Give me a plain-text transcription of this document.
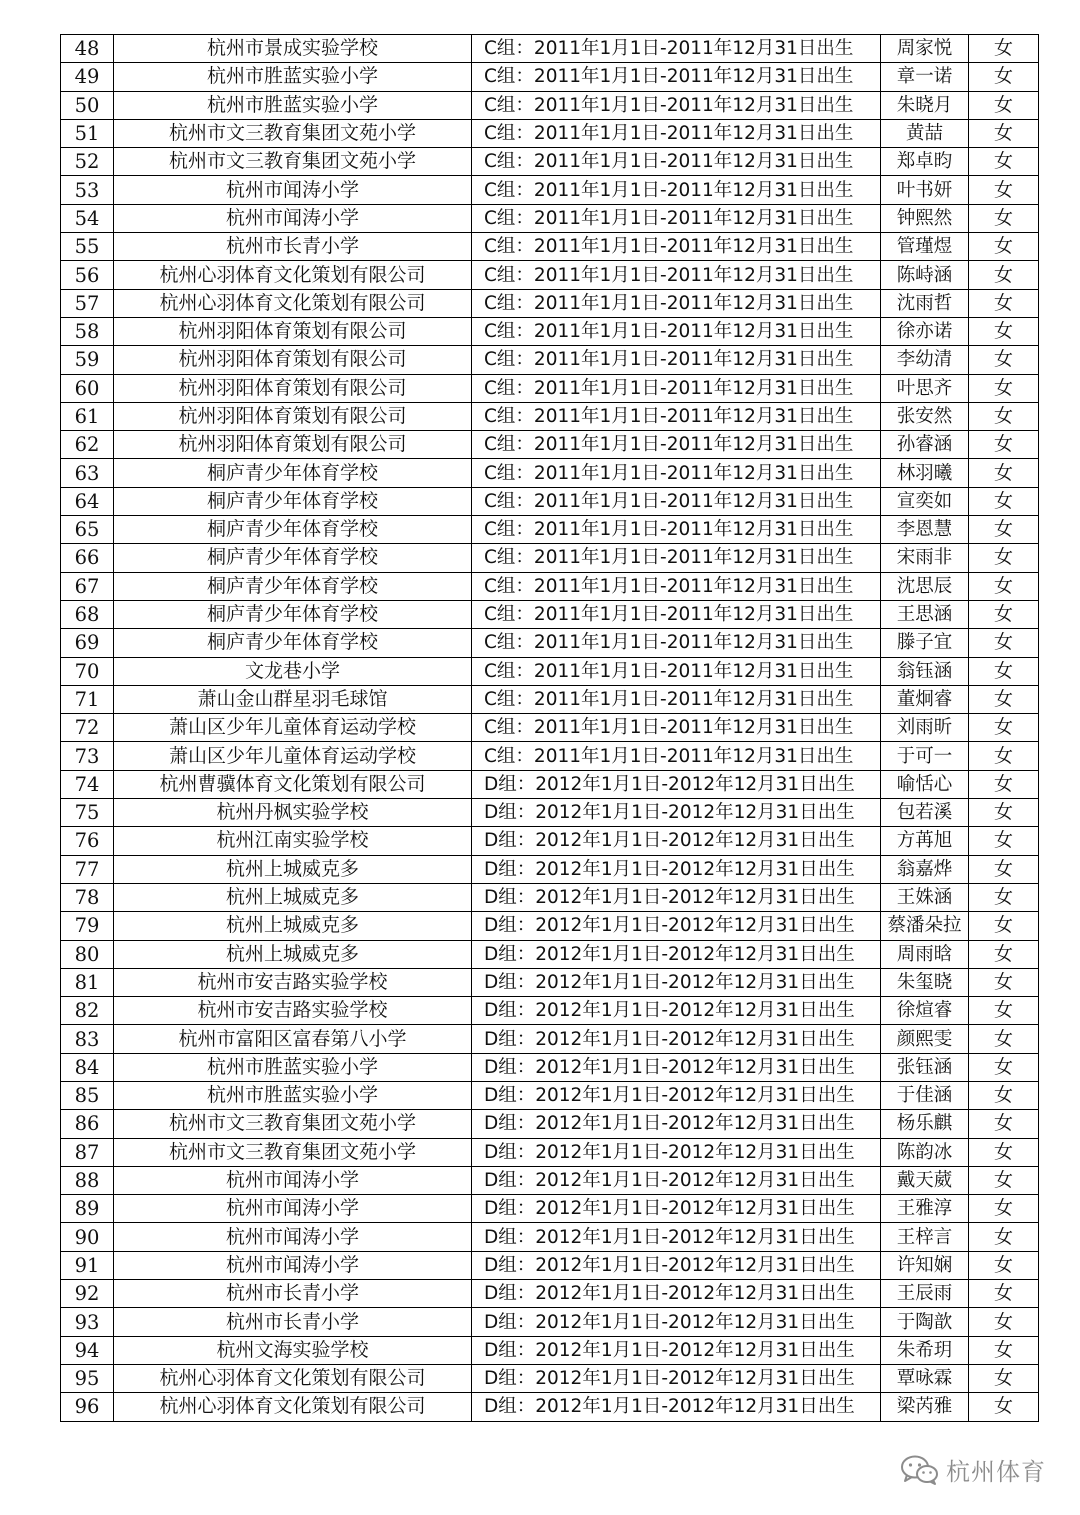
48	杭州市景成实验学校	C组：2011年1月1日-2011年12月31日出生	周家悦	女
49	杭州市胜蓝实验小学	C组：2011年1月1日-2011年12月31日出生	章一诺	女
50	杭州市胜蓝实验小学	C组：2011年1月1日-2011年12月31日出生	朱晓月	女
51	杭州市文三教育集团文苑小学	C组：2011年1月1日-2011年12月31日出生	黄喆	女
52	杭州市文三教育集团文苑小学	C组：2011年1月1日-2011年12月31日出生	郑卓昀	女
53	杭州市闻涛小学	C组：2011年1月1日-2011年12月31日出生	叶书妍	女
54	杭州市闻涛小学	C组：2011年1月1日-2011年12月31日出生	钟熙然	女
55	杭州市长青小学	C组：2011年1月1日-2011年12月31日出生	管瑾煜	女
56	杭州心羽体育文化策划有限公司	C组：2011年1月1日-2011年12月31日出生	陈峙涵	女
57	杭州心羽体育文化策划有限公司	C组：2011年1月1日-2011年12月31日出生	沈雨哲	女
58	杭州羽阳体育策划有限公司	C组：2011年1月1日-2011年12月31日出生	徐亦诺	女
59	杭州羽阳体育策划有限公司	C组：2011年1月1日-2011年12月31日出生	李幼清	女
60	杭州羽阳体育策划有限公司	C组：2011年1月1日-2011年12月31日出生	叶思齐	女
61	杭州羽阳体育策划有限公司	C组：2011年1月1日-2011年12月31日出生	张安然	女
62	杭州羽阳体育策划有限公司	C组：2011年1月1日-2011年12月31日出生	孙睿涵	女
63	桐庐青少年体育学校	C组：2011年1月1日-2011年12月31日出生	林羽曦	女
64	桐庐青少年体育学校	C组：2011年1月1日-2011年12月31日出生	宣奕如	女
65	桐庐青少年体育学校	C组：2011年1月1日-2011年12月31日出生	李恩慧	女
66	桐庐青少年体育学校	C组：2011年1月1日-2011年12月31日出生	宋雨非	女
67	桐庐青少年体育学校	C组：2011年1月1日-2011年12月31日出生	沈思辰	女
68	桐庐青少年体育学校	C组：2011年1月1日-2011年12月31日出生	王思涵	女
69	桐庐青少年体育学校	C组：2011年1月1日-2011年12月31日出生	滕子宜	女
70	文龙巷小学	C组：2011年1月1日-2011年12月31日出生	翁钰涵	女
71	萧山金山群星羽毛球馆	C组：2011年1月1日-2011年12月31日出生	董炯睿	女
72	萧山区少年儿童体育运动学校	C组：2011年1月1日-2011年12月31日出生	刘雨昕	女
73	萧山区少年儿童体育运动学校	C组：2011年1月1日-2011年12月31日出生	于可一	女
74	杭州曹骥体育文化策划有限公司	D组：2012年1月1日-2012年12月31日出生	喻恬心	女
75	杭州丹枫实验学校	D组：2012年1月1日-2012年12月31日出生	包若溪	女
76	杭州江南实验学校	D组：2012年1月1日-2012年12月31日出生	方苒旭	女
77	杭州上城威克多	D组：2012年1月1日-2012年12月31日出生	翁嘉烨	女
78	杭州上城威克多	D组：2012年1月1日-2012年12月31日出生	王姝涵	女
79	杭州上城威克多	D组：2012年1月1日-2012年12月31日出生	蔡潘朵拉	女
80	杭州上城威克多	D组：2012年1月1日-2012年12月31日出生	周雨晗	女
81	杭州市安吉路实验学校	D组：2012年1月1日-2012年12月31日出生	朱玺晓	女
82	杭州市安吉路实验学校	D组：2012年1月1日-2012年12月31日出生	徐煊睿	女
83	杭州市富阳区富春第八小学	D组：2012年1月1日-2012年12月31日出生	颜熙雯	女
84	杭州市胜蓝实验小学	D组：2012年1月1日-2012年12月31日出生	张钰涵	女
85	杭州市胜蓝实验小学	D组：2012年1月1日-2012年12月31日出生	于佳涵	女
86	杭州市文三教育集团文苑小学	D组：2012年1月1日-2012年12月31日出生	杨乐麒	女
87	杭州市文三教育集团文苑小学	D组：2012年1月1日-2012年12月31日出生	陈韵冰	女
88	杭州市闻涛小学	D组：2012年1月1日-2012年12月31日出生	戴天葳	女
89	杭州市闻涛小学	D组：2012年1月1日-2012年12月31日出生	王雅淳	女
90	杭州市闻涛小学	D组：2012年1月1日-2012年12月31日出生	王梓言	女
91	杭州市闻涛小学	D组：2012年1月1日-2012年12月31日出生	许知娴	女
92	杭州市长青小学	D组：2012年1月1日-2012年12月31日出生	王辰雨	女
93	杭州市长青小学	D组：2012年1月1日-2012年12月31日出生	于陶歆	女
94	杭州文海实验学校	D组：2012年1月1日-2012年12月31日出生	朱希玥	女
95	杭州心羽体育文化策划有限公司	D组：2012年1月1日-2012年12月31日出生	覃咏霖	女
96	杭州心羽体育文化策划有限公司	D组：2012年1月1日-2012年12月31日出生	梁芮雅	女
杭州体育
